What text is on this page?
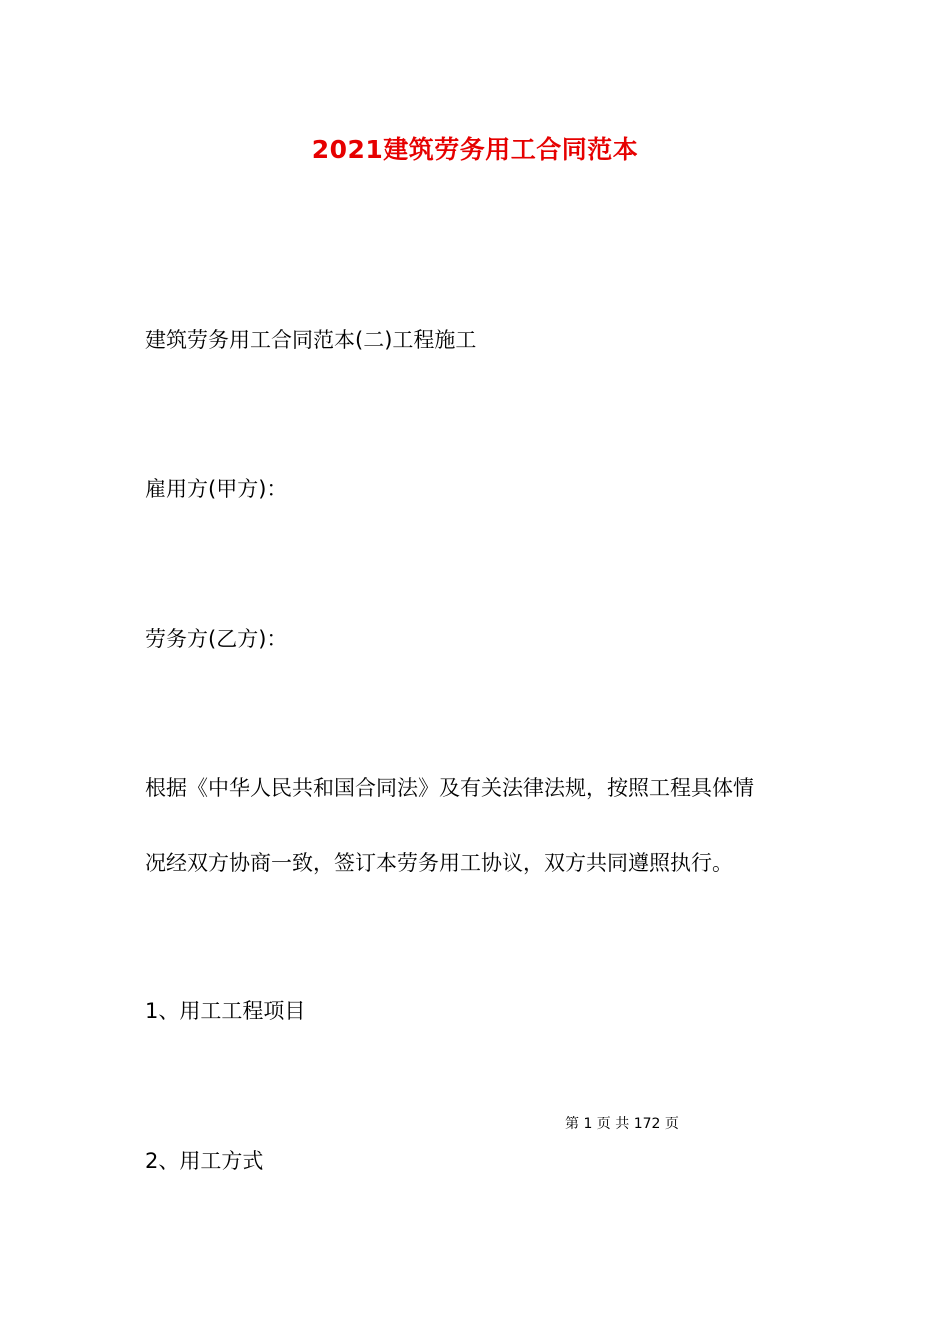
2021建筑劳务用工合同范本
建筑劳务用工合同范本(二)工程施工
雇用方(甲方)：
劳务方(乙方)：
根据《中华人民共和国合同法》及有关法律法规，按照工程具体情
况经双方协商一致，签订本劳务用工协议，双方共同遵照执行。
1、用工工程项目
第 1 页 共 172 页
2、用工方式
